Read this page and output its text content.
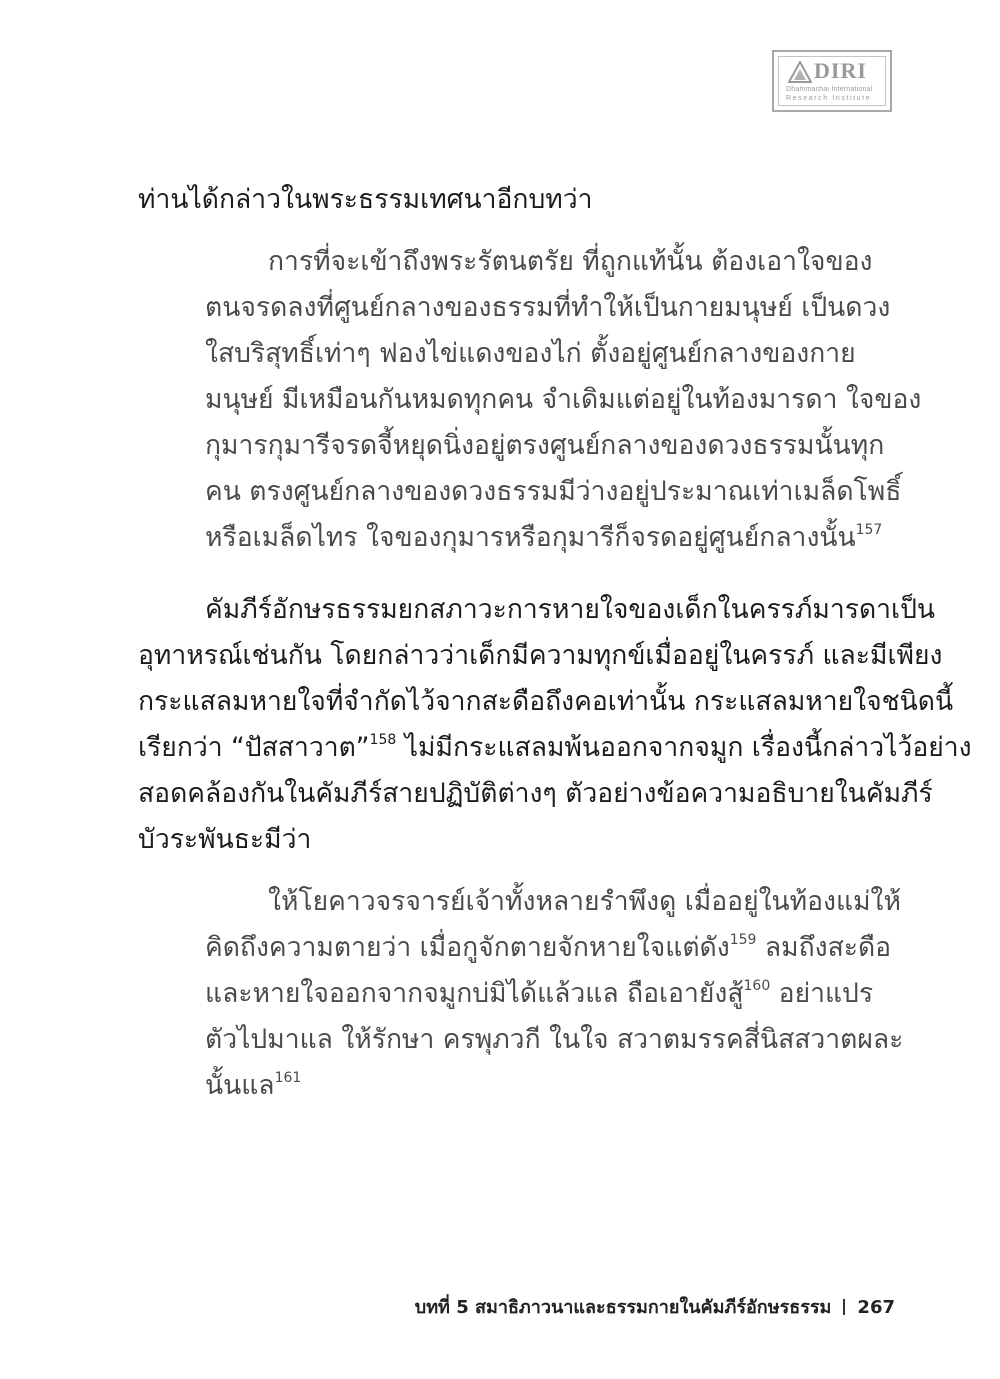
DIRI
Dhammachai International
Research Institute
ท่านได้กล่าวในพระธรรมเทศนาอีกบทว่า
การที่จะเข้าถึงพระรัตนตรัย ที่ถูกแท้นั้น ต้องเอาใจของ
ตนจรดลงที่ศูนย์กลางของธรรมที่ทำให้เป็นกายมนุษย์ เป็นดวง
ใสบริสุทธิ์เท่าๆ ฟองไข่แดงของไก่ ตั้งอยู่ศูนย์กลางของกาย
มนุษย์ มีเหมือนกันหมดทุกคน จำเดิมแต่อยู่ในท้องมารดา ใจของ
กุมารกุมารีจรดจี้หยุดนิ่งอยู่ตรงศูนย์กลางของดวงธรรมนั้นทุก
คน ตรงศูนย์กลางของดวงธรรมมีว่างอยู่ประมาณเท่าเมล็ดโพธิ์
หรือเมล็ดไทร ใจของกุมารหรือกุมารีก็จรดอยู่ศูนย์กลางนั้น$^{157}$
คัมภีร์อักษรธรรมยกสภาวะการหายใจของเด็กในครรภ์มารดาเป็น
อุทาหรณ์เช่นกัน โดยกล่าวว่าเด็กมีความทุกข์เมื่ออยู่ในครรภ์ และมีเพียง
กระแสลมหายใจที่จำกัดไว้จากสะดือถึงคอเท่านั้น กระแสลมหายใจชนิดนี้
เรียกว่า “ปัสสาวาต”$^{158}$ ไม่มีกระแสลมพ้นออกจากจมูก เรื่องนี้กล่าวไว้อย่าง
สอดคล้องกันในคัมภีร์สายปฏิบัติต่างๆ ตัวอย่างข้อความอธิบายในคัมภีร์
บัวระพันธะมีว่า
ให้โยคาวจรจารย์เจ้าทั้งหลายรำพึงดู เมื่ออยู่ในท้องแม่ให้
คิดถึงความตายว่า เมื่อกูจักตายจักหายใจแต่ดัง$^{159}$ ลมถึงสะดือ
และหายใจออกจากจมูกบ่มิได้แล้วแล ถือเอายังสู้$^{160}$ อย่าแปร
ตัวไปมาแล ให้รักษา ครพุภวกี ในใจ สวาตมรรคสี่นิสสวาตผละ
นั้นแล$^{161}$
บทที่ 5 สมาธิภาวนาและธรรมกายในคัมภีร์อักษรธรรม 267
